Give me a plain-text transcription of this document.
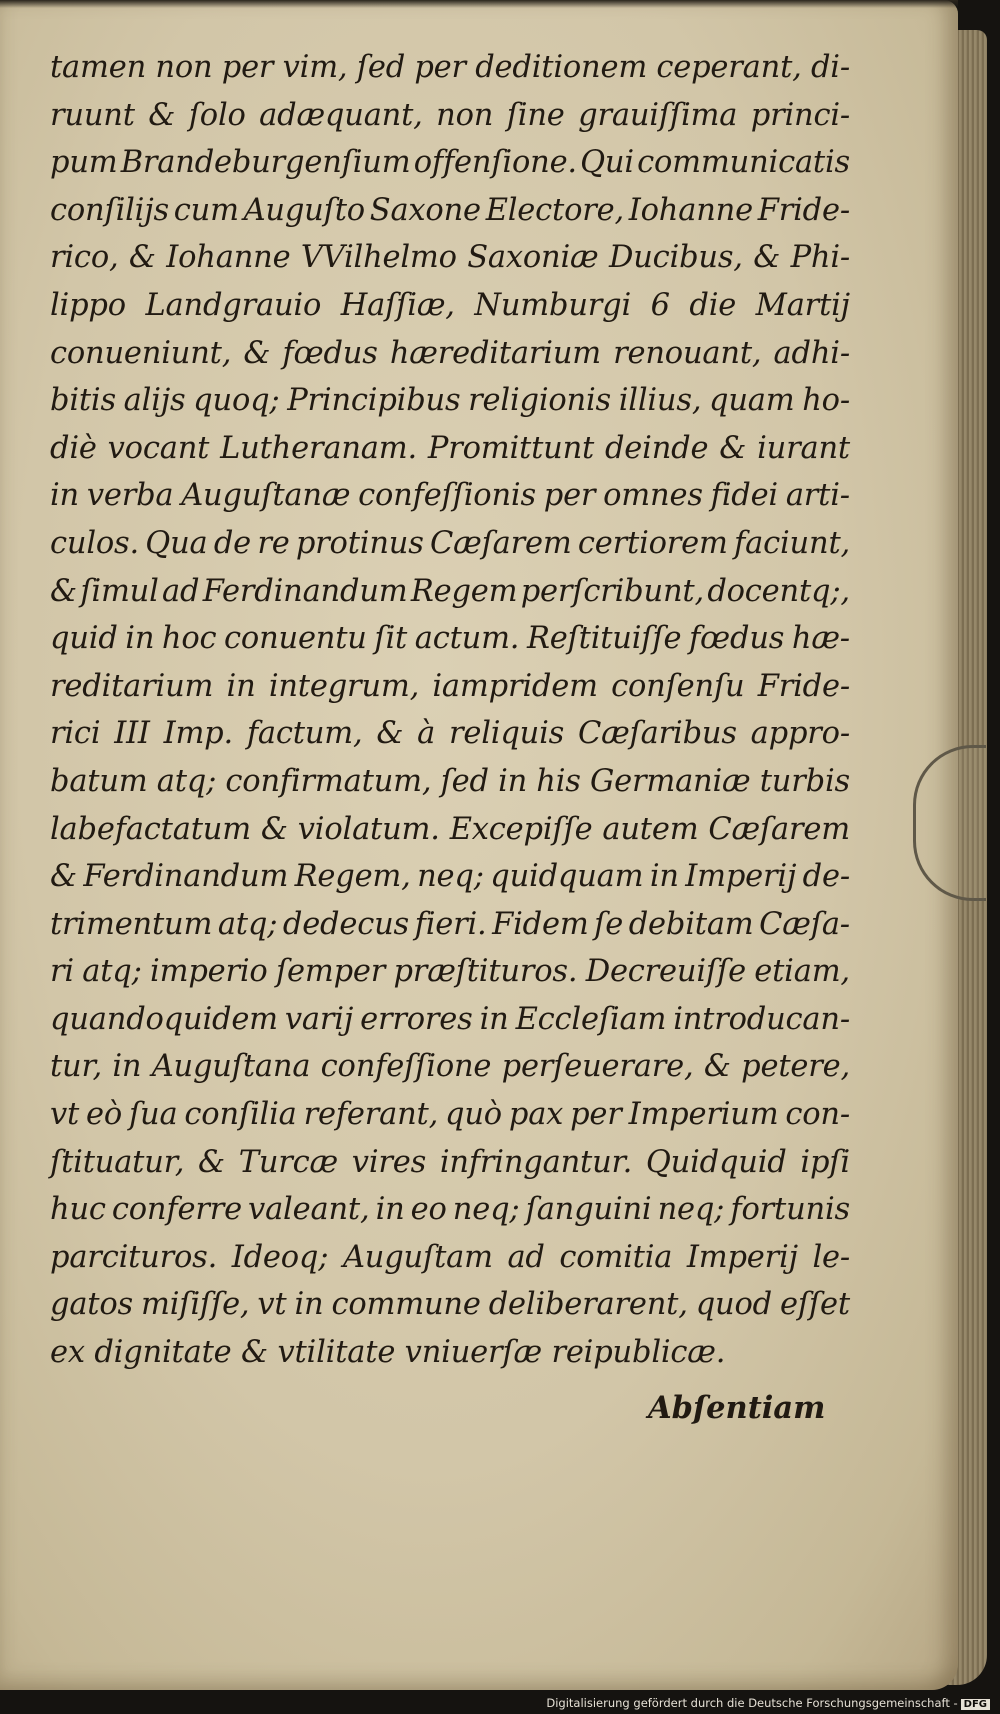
tamen non per vim, ſed per deditionem ceperant, di-
ruunt & ſolo adæquant, non ſine grauiſſima princi-
pum Brandeburgenſium offenſione. Qui communicatis
conſilijs cum Auguſto Saxone Electore, Iohanne Fride-
rico, & Iohanne VVilhelmo Saxoniæ Ducibus, & Phi-
lippo Landgrauio Haſſiæ, Numburgi 6 die Martij
conueniunt, & fœdus hæreditarium renouant, adhi-
bitis alijs quoq; Principibus religionis illius, quam ho-
diè vocant Lutheranam. Promittunt deinde & iurant
in verba Auguſtanæ confeſſionis per omnes fidei arti-
culos. Qua de re protinus Cæſarem certiorem faciunt,
& ſimul ad Ferdinandum Regem perſcribunt, docentq;,
quid in hoc conuentu ſit actum. Reſtituiſſe fœdus hæ-
reditarium in integrum, iampridem conſenſu Fride-
rici III Imp. factum, & à reliquis Cæſaribus appro-
batum atq; confirmatum, ſed in his Germaniæ turbis
labefactatum & violatum. Excepiſſe autem Cæſarem
& Ferdinandum Regem, neq; quidquam in Imperij de-
trimentum atq; dedecus fieri. Fidem ſe debitam Cæſa-
ri atq; imperio ſemper præſtituros. Decreuiſſe etiam,
quandoquidem varij errores in Eccleſiam introducan-
tur, in Auguſtana confeſſione perſeuerare, & petere,
vt eò ſua conſilia referant, quò pax per Imperium con-
ſtituatur, & Turcæ vires infringantur. Quidquid ipſi
huc conferre valeant, in eo neq; ſanguini neq; fortunis
parcituros. Ideoq; Auguſtam ad comitia Imperij le-
gatos miſiſſe, vt in commune deliberarent, quod eſſet
ex dignitate & vtilitate vniuerſæ reipublicæ.
Abſentiam
Digitalisierung gefördert durch die Deutsche Forschungsgemeinschaft - DFG
